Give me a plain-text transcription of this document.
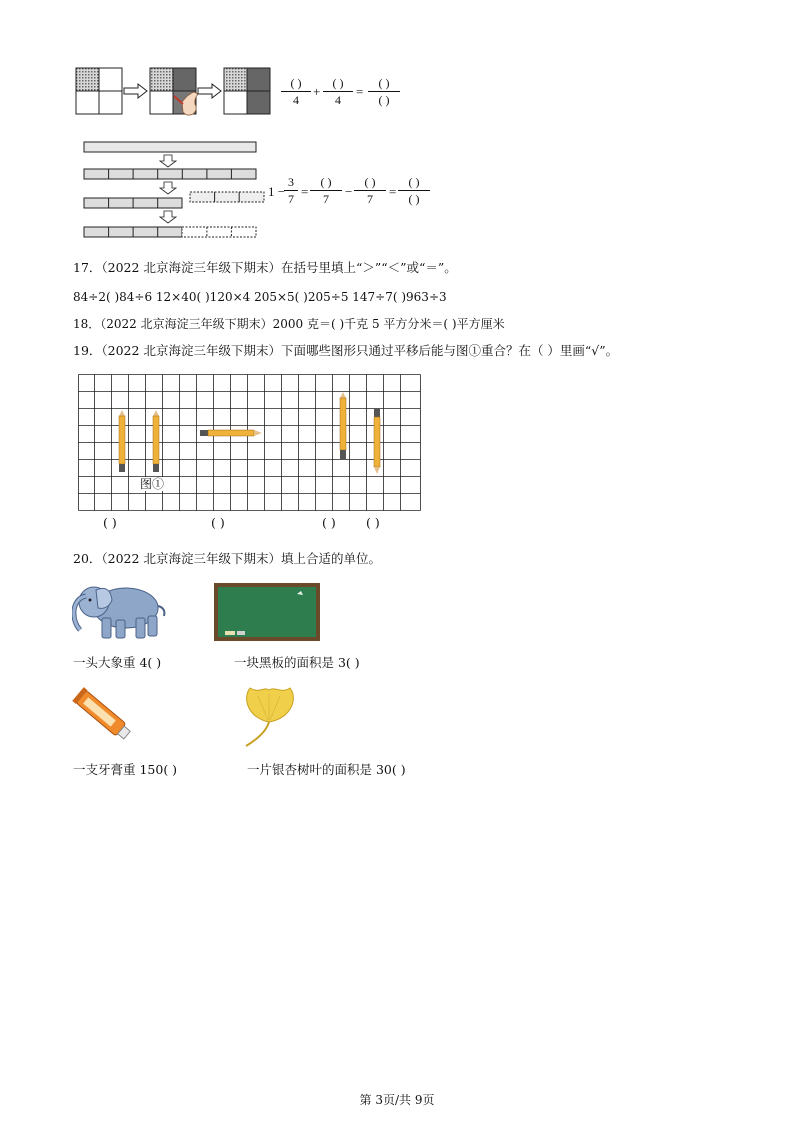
( )
4
+
( )
4
=
( )
( )
1 −
3
7 =
( )
7	−
( )
7	=
( )
( )
17．（2022 北京海淀三年级下期末）在括号里填上“＞”“＜”或“＝”。
84÷2( )84÷6 12×40( )120×4 205×5( )205÷5 147÷7( )963÷3
18．（2022 北京海淀三年级下期末）2000 克＝( )千克 5 平方分米＝( )平方厘米
19．（2022 北京海淀三年级下期末）下面哪些图形只通过平移后能与图①重合？在（ ）里画“√”。
图①
( )	( )	( ) ( )
20．（2022 北京海淀三年级下期末）填上合适的单位。
一头大象重 4( )	一块黑板的面积是 3( )
一支牙膏重 150( )	一片银杏树叶的面积是 30( )
第 3页/共 9页
